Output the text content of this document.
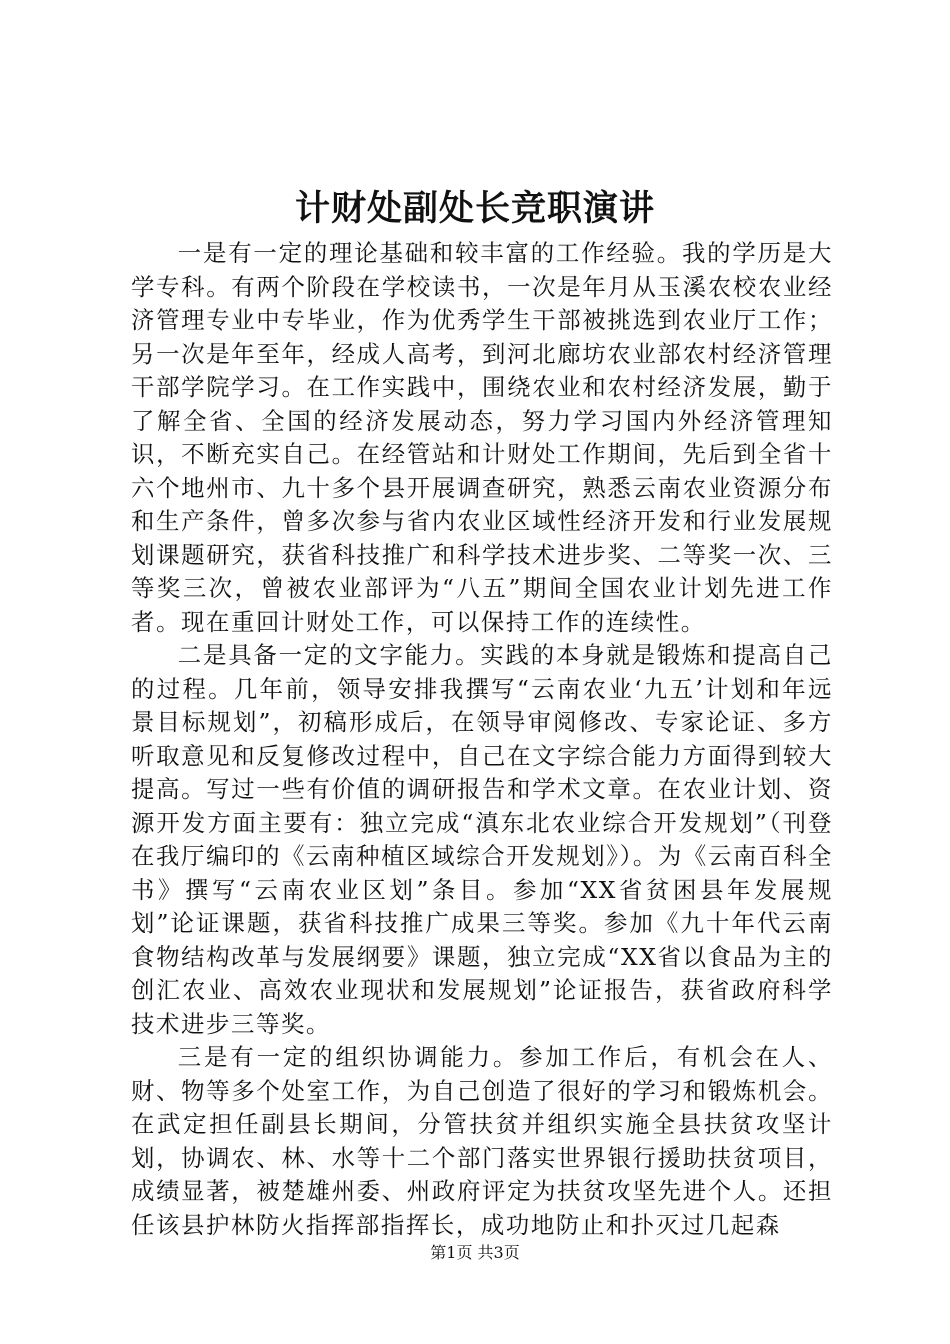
计财处副处长竞职演讲

一是有一定的理论基础和较丰富的工作经验。我的学历是大学专科。有两个阶段在学校读书，一次是年月从玉溪农校农业经济管理专业中专毕业，作为优秀学生干部被挑选到农业厅工作；另一次是年至年，经成人高考，到河北廊坊农业部农村经济管理干部学院学习。在工作实践中，围绕农业和农村经济发展，勤于了解全省、全国的经济发展动态，努力学习国内外经济管理知识，不断充实自己。在经管站和计财处工作期间，先后到全省十六个地州市、九十多个县开展调查研究，熟悉云南农业资源分布和生产条件，曾多次参与省内农业区域性经济开发和行业发展规划课题研究，获省科技推广和科学技术进步奖、二等奖一次、三等奖三次，曾被农业部评为“八五”期间全国农业计划先进工作者。现在重回计财处工作，可以保持工作的连续性。

二是具备一定的文字能力。实践的本身就是锻炼和提高自己的过程。几年前，领导安排我撰写“云南农业‘九五’计划和年远景目标规划”，初稿形成后，在领导审阅修改、专家论证、多方听取意见和反复修改过程中，自己在文字综合能力方面得到较大提高。写过一些有价值的调研报告和学术文章。在农业计划、资源开发方面主要有：独立完成“滇东北农业综合开发规划”（刊登在我厅编印的《云南种植区域综合开发规划》）。为《云南百科全书》撰写“云南农业区划”条目。参加“XX省贫困县年发展规划”论证课题，获省科技推广成果三等奖。参加《九十年代云南食物结构改革与发展纲要》课题，独立完成“XX省以食品为主的创汇农业、高效农业现状和发展规划”论证报告，获省政府科学技术进步三等奖。

三是有一定的组织协调能力。参加工作后，有机会在人、财、物等多个处室工作，为自己创造了很好的学习和锻炼机会。在武定担任副县长期间，分管扶贫并组织实施全县扶贫攻坚计划，协调农、林、水等十二个部门落实世界银行援助扶贫项目，成绩显著，被楚雄州委、州政府评定为扶贫攻坚先进个人。还担任该县护林防火指挥部指挥长，成功地防止和扑灭过几起森

第1页 共3页
